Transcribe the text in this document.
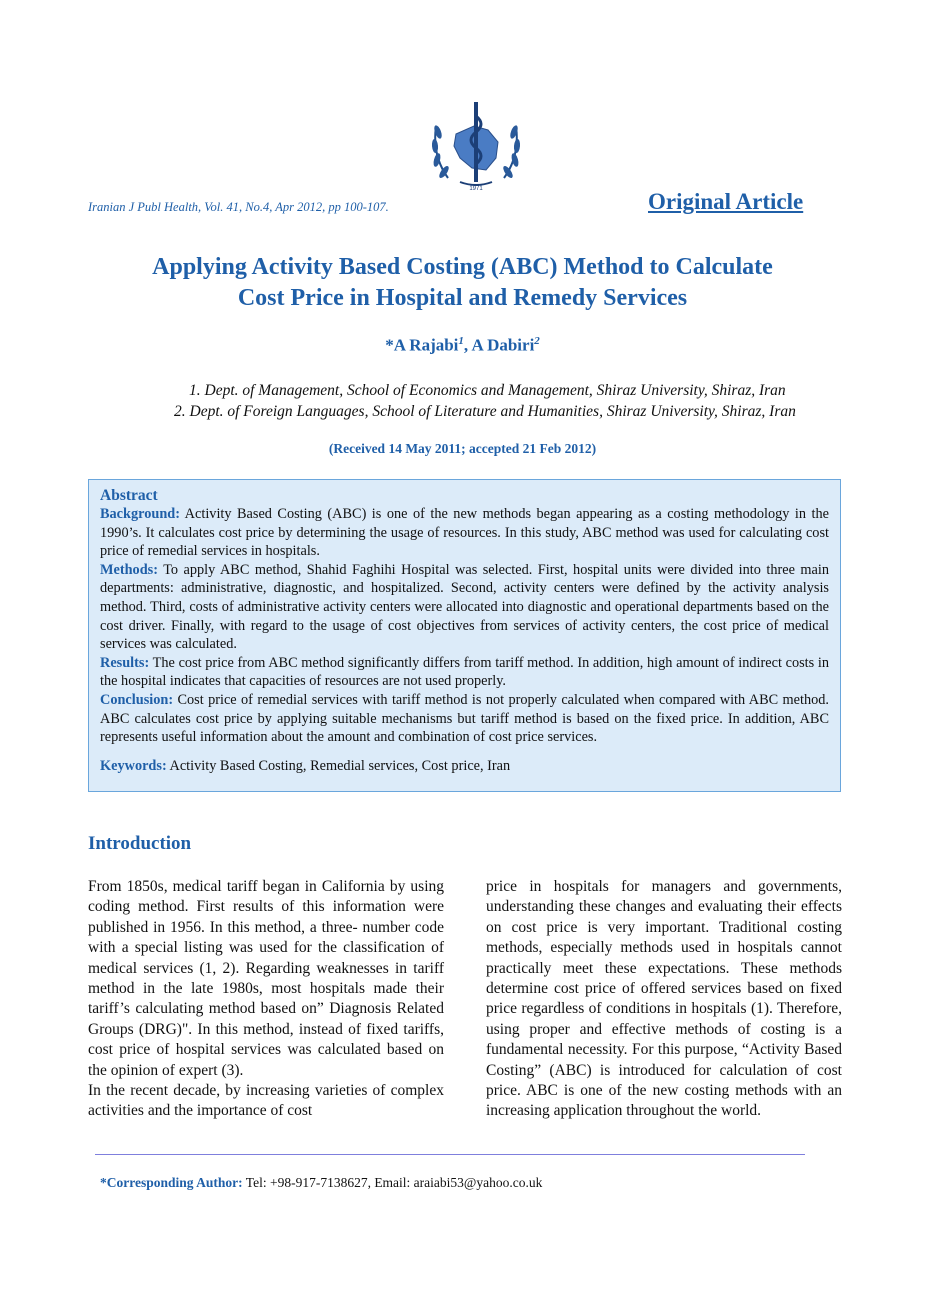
1971
Iranian J Publ Health, Vol. 41, No.4, Apr 2012, pp 100-107.	Original Article
Applying Activity Based Costing (ABC) Method to Calculate
Cost Price in Hospital and Remedy Services
*A Rajabi$^1$, A Dabiri$^2$
1. Dept. of Management, School of Economics and Management, Shiraz University, Shiraz, Iran
2. Dept. of Foreign Languages, School of Literature and Humanities, Shiraz University, Shiraz, Iran
(Received 14 May 2011; accepted 21 Feb 2012)
Abstract

Background: Activity Based Costing (ABC) is one of the new methods began appearing as a costing methodology in the 1990’s. It calculates cost price by determining the usage of resources. In this study, ABC method was used for calculating cost price of remedial services in hospitals.

Methods: To apply ABC method, Shahid Faghihi Hospital was selected. First, hospital units were divided into three main departments: administrative, diagnostic, and hospitalized. Second, activity centers were defined by the activity analysis method. Third, costs of administrative activity centers were allocated into diagnostic and operational departments based on the cost driver. Finally, with regard to the usage of cost objectives from services of activity centers, the cost price of medical services was calculated.

Results: The cost price from ABC method significantly differs from tariff method. In addition, high amount of indirect costs in the hospital indicates that capacities of resources are not used properly.

Conclusion: Cost price of remedial services with tariff method is not properly calculated when compared with ABC method. ABC calculates cost price by applying suitable mechanisms but tariff method is based on the fixed price. In addition, ABC represents useful information about the amount and combination of cost price services.

Keywords: Activity Based Costing, Remedial services, Cost price, Iran

Introduction

From 1850s, medical tariff began in California by using coding method. First results of this information were published in 1956. In this method, a three- number code with a special listing was used for the classification of medical services (1, 2). Regarding weaknesses in tariff method in the late 1980s, most hospitals made their tariff’s calculating method based on” Diagnosis Related Groups (DRG)". In this method, instead of fixed tariffs, cost price of hospital services was calculated based on the opinion of expert (3).

In the recent decade, by increasing varieties of complex activities and the importance of cost

price in hospitals for managers and governments, understanding these changes and evaluating their effects on cost price is very important. Traditional costing methods, especially methods used in hospitals cannot practically meet these expectations. These methods determine cost price of offered services based on fixed price regardless of conditions in hospitals (1). Therefore, using proper and effective methods of costing is a fundamental necessity. For this purpose, “Activity Based Costing” (ABC) is introduced for calculation of cost price. ABC is one of the new costing methods with an increasing application throughout the world.

*Corresponding Author: Tel: +98-917-7138627, Email: araiabi53@yahoo.co.uk
